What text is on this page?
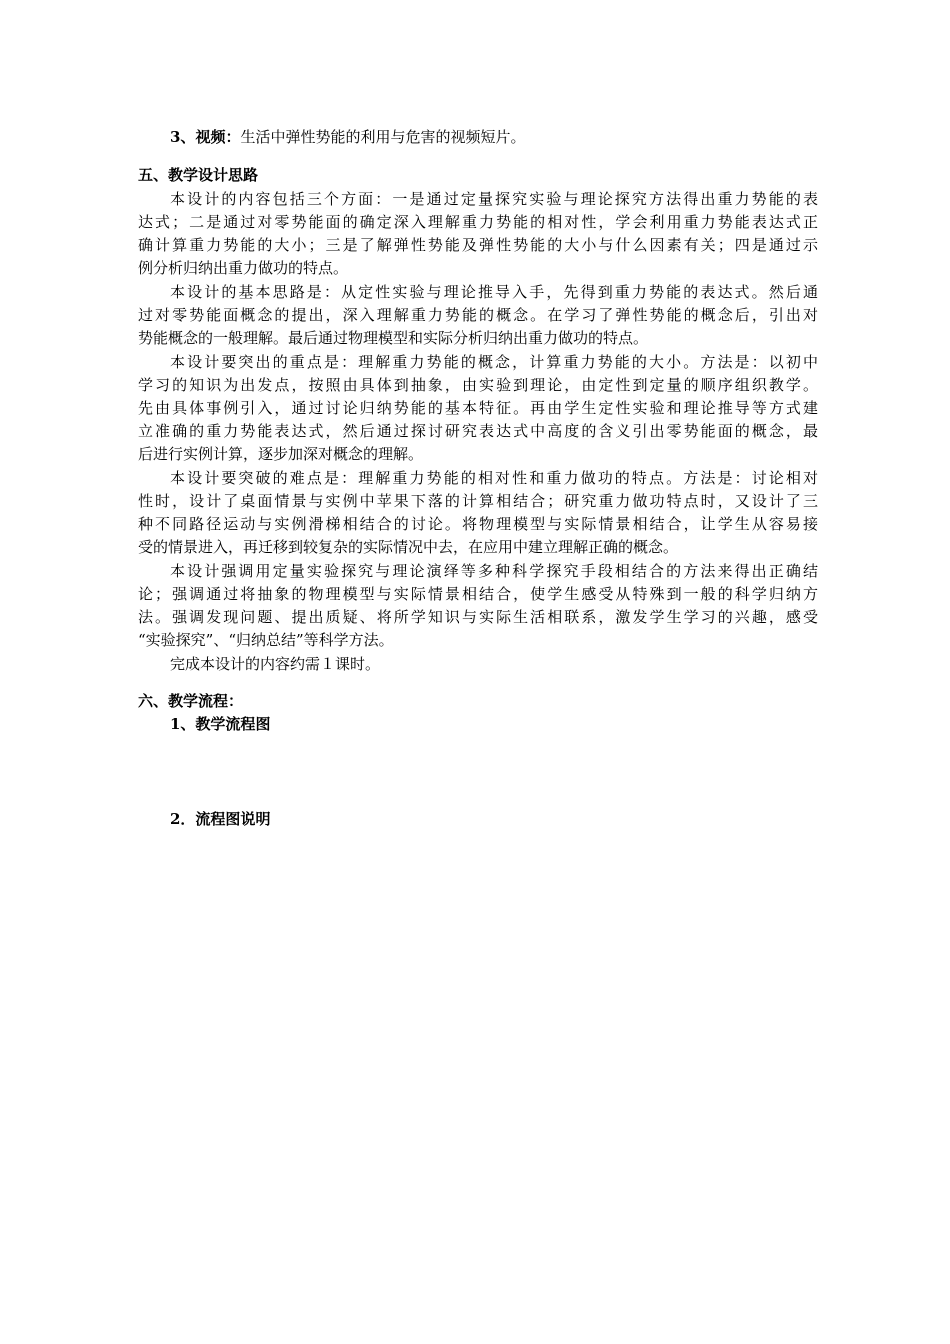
3、视频：生活中弹性势能的利用与危害的视频短片。
五、教学设计思路
本设计的内容包括三个方面：一是通过定量探究实验与理论探究方法得出重力势能的表
达式；二是通过对零势能面的确定深入理解重力势能的相对性，学会利用重力势能表达式正
确计算重力势能的大小；三是了解弹性势能及弹性势能的大小与什么因素有关；四是通过示
例分析归纳出重力做功的特点。
本设计的基本思路是：从定性实验与理论推导入手，先得到重力势能的表达式。然后通
过对零势能面概念的提出，深入理解重力势能的概念。在学习了弹性势能的概念后，引出对
势能概念的一般理解。最后通过物理模型和实际分析归纳出重力做功的特点。
本设计要突出的重点是：理解重力势能的概念，计算重力势能的大小。方法是：以初中
学习的知识为出发点，按照由具体到抽象，由实验到理论，由定性到定量的顺序组织教学。
先由具体事例引入，通过讨论归纳势能的基本特征。再由学生定性实验和理论推导等方式建
立准确的重力势能表达式，然后通过探讨研究表达式中高度的含义引出零势能面的概念，最
后进行实例计算，逐步加深对概念的理解。
本设计要突破的难点是：理解重力势能的相对性和重力做功的特点。方法是：讨论相对
性时，设计了桌面情景与实例中苹果下落的计算相结合；研究重力做功特点时，又设计了三
种不同路径运动与实例滑梯相结合的讨论。将物理模型与实际情景相结合，让学生从容易接
受的情景进入，再迁移到较复杂的实际情况中去，在应用中建立理解正确的概念。
本设计强调用定量实验探究与理论演绎等多种科学探究手段相结合的方法来得出正确结
论；强调通过将抽象的物理模型与实际情景相结合，使学生感受从特殊到一般的科学归纳方
法。强调发现问题、提出质疑、将所学知识与实际生活相联系，激发学生学习的兴趣，感受
“实验探究”、“归纳总结”等科学方法。
完成本设计的内容约需１课时。
六、教学流程：
1、教学流程图
2．流程图说明
